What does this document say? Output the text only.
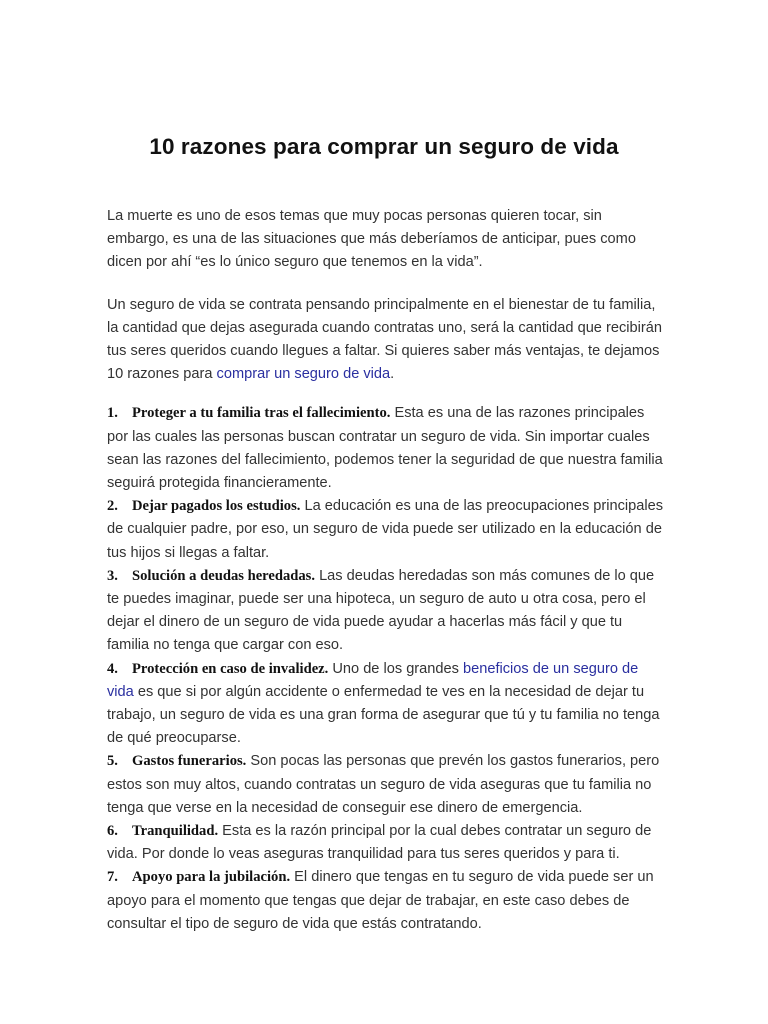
10 razones para comprar un seguro de vida

La muerte es uno de esos temas que muy pocas personas quieren tocar, sin embargo, es una de las situaciones que más deberíamos de anticipar, pues como dicen por ahí “es lo único seguro que tenemos en la vida”.

Un seguro de vida se contrata pensando principalmente en el bienestar de tu familia, la cantidad que dejas asegurada cuando contratas uno, será la cantidad que recibirán tus seres queridos cuando llegues a faltar. Si quieres saber más ventajas, te dejamos 10 razones para comprar un seguro de vida.

1. Proteger a tu familia tras el fallecimiento. Esta es una de las razones principales por las cuales las personas buscan contratar un seguro de vida. Sin importar cuales sean las razones del fallecimiento, podemos tener la seguridad de que nuestra familia seguirá protegida financieramente.

2. Dejar pagados los estudios. La educación es una de las preocupaciones principales de cualquier padre, por eso, un seguro de vida puede ser utilizado en la educación de tus hijos si llegas a faltar.

3. Solución a deudas heredadas. Las deudas heredadas son más comunes de lo que te puedes imaginar, puede ser una hipoteca, un seguro de auto u otra cosa, pero el dejar el dinero de un seguro de vida puede ayudar a hacerlas más fácil y que tu familia no tenga que cargar con eso.

4. Protección en caso de invalidez. Uno de los grandes beneficios de un seguro de vida es que si por algún accidente o enfermedad te ves en la necesidad de dejar tu trabajo, un seguro de vida es una gran forma de asegurar que tú y tu familia no tenga de qué preocuparse.

5. Gastos funerarios. Son pocas las personas que prevén los gastos funerarios, pero estos son muy altos, cuando contratas un seguro de vida aseguras que tu familia no tenga que verse en la necesidad de conseguir ese dinero de emergencia.

6. Tranquilidad. Esta es la razón principal por la cual debes contratar un seguro de vida. Por donde lo veas aseguras tranquilidad para tus seres queridos y para ti.

7. Apoyo para la jubilación. El dinero que tengas en tu seguro de vida puede ser un apoyo para el momento que tengas que dejar de trabajar, en este caso debes de consultar el tipo de seguro de vida que estás contratando.
